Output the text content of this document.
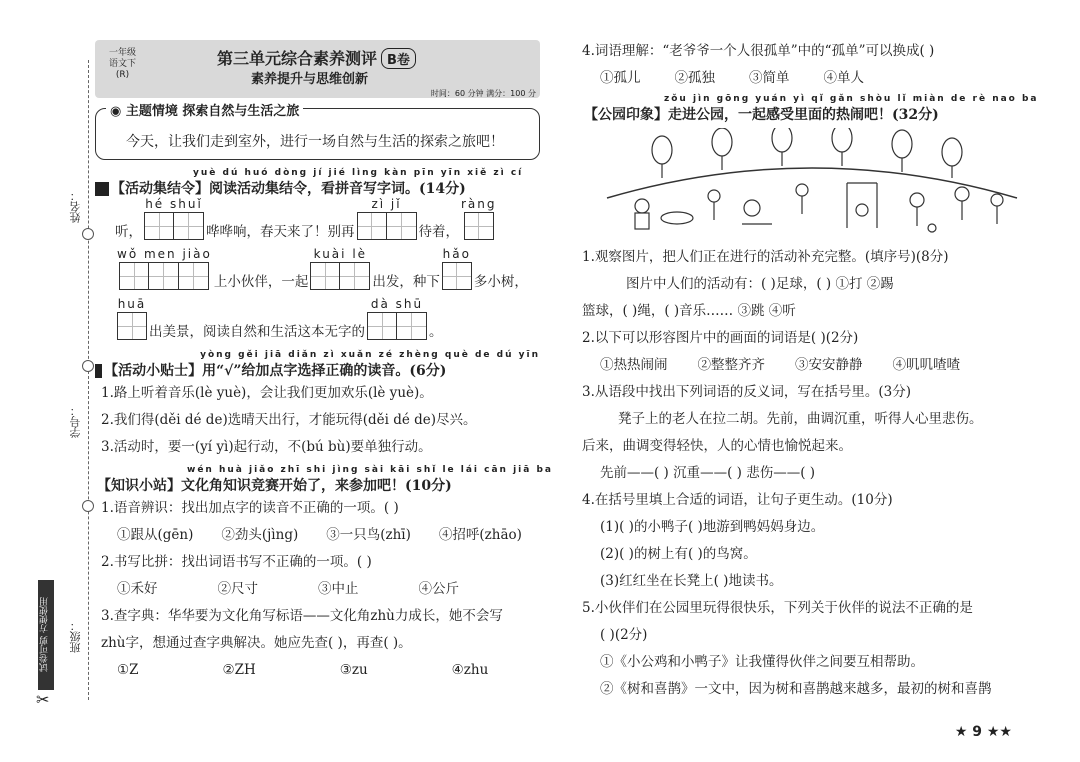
姓名：
学号：
班级：
试卷可剪 方便使用
✂
一年级
语文下
(R)
第三单元综合素养测评 B卷
素养提升与思维创新
时间：60 分钟 满分：100 分
◉ 主题情境 探索自然与生活之旅
今天，让我们走到室外，进行一场自然与生活的探索之旅吧！
yuè dú huó dòng jí jié lìng kàn pīn yīn xiě zì cí
【活动集结令】阅读活动集结令，看拼音写字词。(14分)
听，
hé shuǐ
哗哗响，春天来了！别再
zì jǐ
待着，
ràng
wǒ men jiào
上小伙伴，一起
kuài lè
出发，种下
hǎo
多小树，
huā
出美景，阅读自然和生活这本无字的
dà shū
。
yòng gěi jiā diǎn zì xuǎn zé zhèng què de dú yīn
【活动小贴士】用“√”给加点字选择正确的读音。(6分)
1.路上听着音乐(lè yuè)，会让我们更加欢乐(lè yuè)。
2.我们得(děi dé de)选晴天出行，才能玩得(děi dé de)尽兴。
3.活动时，要一(yí yì)起行动，不(bú bù)要单独行动。
wén huà jiǎo zhī shi jìng sài kāi shǐ le lái cān jiā ba
【知识小站】文化角知识竞赛开始了，来参加吧！(10分)
1.语音辨识：找出加点字的读音不正确的一项。( )
①跟从(gēn) ②劲头(jìng) ③一只鸟(zhī) ④招呼(zhāo)
2.书写比拼：找出词语书写不正确的一项。( )
①禾好	②尺寸	③中止	④公斤
3.查字典：华华要为文化角写标语——文化角zhù力成长，她不会写
zhù字，想通过查字典解决。她应先查( )，再查( )。
①Z	②ZH	③zu	④zhu
4.词语理解：“老爷爷一个人很孤单”中的“孤单”可以换成( )
①孤儿	②孤独	③简单	④单人
zǒu jìn gōng yuán yì qǐ gǎn shòu lǐ miàn de rè nao ba
【公园印象】走进公园，一起感受里面的热闹吧！(32分)
1.观察图片，把人们正在进行的活动补充完整。(填序号)(8分)
图片中人们的活动有：( )足球，( ) ①打 ②踢
篮球，( )绳，( )音乐…… ③跳 ④听
2.以下可以形容图片中的画面的词语是( )(2分)
①热热闹闹 ②整整齐齐 ③安安静静 ④叽叽喳喳
3.从语段中找出下列词语的反义词，写在括号里。(3分)
凳子上的老人在拉二胡。先前，曲调沉重，听得人心里悲伤。
后来，曲调变得轻快，人的心情也愉悦起来。
先前——( ) 沉重——( ) 悲伤——( )
4.在括号里填上合适的词语，让句子更生动。(10分)
(1)( )的小鸭子( )地游到鸭妈妈身边。
(2)( )的树上有( )的鸟窝。
(3)红红坐在长凳上( )地读书。
5.小伙伴们在公园里玩得很快乐，下列关于伙伴的说法不正确的是
( )(2分)
①《小公鸡和小鸭子》让我懂得伙伴之间要互相帮助。
②《树和喜鹊》一文中，因为树和喜鹊越来越多，最初的树和喜鹊
★ 9 ★★
